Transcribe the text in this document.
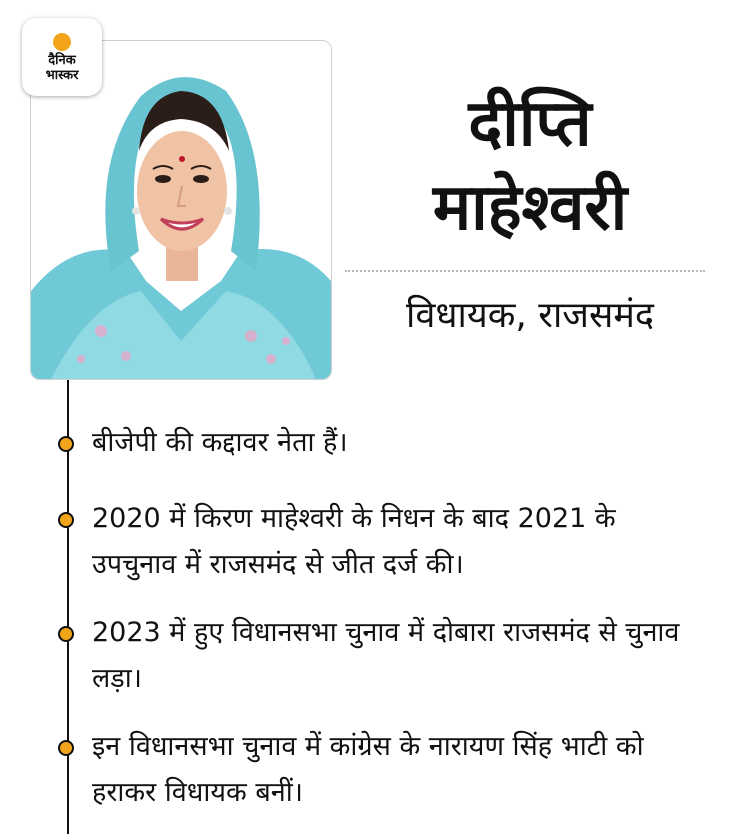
दैनिक
भास्कर
दीप्ति
माहेश्वरी
विधायक, राजसमंद
बीजेपी की कद्दावर नेता हैं।
2020 में किरण माहेश्वरी के निधन के बाद 2021 के उपचुनाव में राजसमंद से जीत दर्ज की।
2023 में हुए विधानसभा चुनाव में दोबारा राजसमंद से चुनाव लड़ा।
इन विधानसभा चुनाव में कांग्रेस के नारायण सिंह भाटी को हराकर विधायक बनीं।
